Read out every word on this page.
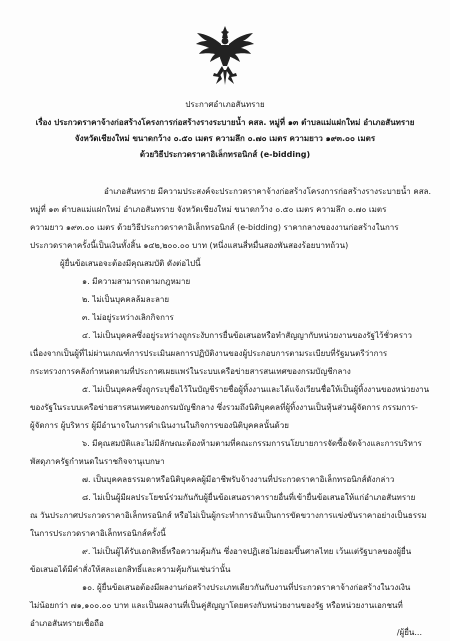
ประกาศอำเภอสันทราย
เรื่อง ประกวดราคาจ้างก่อสร้างโครงการก่อสร้างรางระบายน้ำ คสล. หมู่ที่ ๑๓ ตำบลแม่แฝกใหม่ อำเภอสันทราย
จังหวัดเชียงใหม่ ขนาดกว้าง ๐.๕๐ เมตร ความลึก ๐.๗๐ เมตร ความยาว ๑๙๓.๐๐ เมตร
ด้วยวิธีประกวดราคาอิเล็กทรอนิกส์ (e-bidding)
อำเภอสันทราย มีความประสงค์จะประกวดราคาจ้างก่อสร้างโครงการก่อสร้างรางระบายน้ำ คสล.
หมู่ที่ ๑๓ ตำบลแม่แฝกใหม่ อำเภอสันทราย จังหวัดเชียงใหม่ ขนาดกว้าง ๐.๕๐ เมตร ความลึก ๐.๗๐ เมตร
ความยาว ๑๙๓.๐๐ เมตร ด้วยวิธีประกวดราคาอิเล็กทรอนิกส์ (e-bidding) ราคากลางของงานก่อสร้างในการ
ประกวดราคาครั้งนี้เป็นเงินทั้งสิ้น ๑๔๒,๒๐๐.๐๐ บาท (หนึ่งแสนสี่หมื่นสองพันสองร้อยบาทถ้วน)
ผู้ยื่นข้อเสนอจะต้องมีคุณสมบัติ ดังต่อไปนี้
๑. มีความสามารถตามกฎหมาย
๒. ไม่เป็นบุคคลล้มละลาย
๓. ไม่อยู่ระหว่างเลิกกิจการ
๔. ไม่เป็นบุคคลซึ่งอยู่ระหว่างถูกระงับการยื่นข้อเสนอหรือทำสัญญากับหน่วยงานของรัฐไว้ชั่วคราว
เนื่องจากเป็นผู้ที่ไม่ผ่านเกณฑ์การประเมินผลการปฏิบัติงานของผู้ประกอบการตามระเบียบที่รัฐมนตรีว่าการ
กระทรวงการคลังกำหนดตามที่ประกาศเผยแพร่ในระบบเครือข่ายสารสนเทศของกรมบัญชีกลาง
๕. ไม่เป็นบุคคลซึ่งถูกระบุชื่อไว้ในบัญชีรายชื่อผู้ทิ้งงานและได้แจ้งเวียนชื่อให้เป็นผู้ทิ้งงานของหน่วยงาน
ของรัฐในระบบเครือข่ายสารสนเทศของกรมบัญชีกลาง ซึ่งรวมถึงนิติบุคคลที่ผู้ทิ้งงานเป็นหุ้นส่วนผู้จัดการ กรรมการ-
ผู้จัดการ ผู้บริหาร ผู้มีอำนาจในการดำเนินงานในกิจการของนิติบุคคลนั้นด้วย
๖. มีคุณสมบัติและไม่มีลักษณะต้องห้ามตามที่คณะกรรมการนโยบายการจัดซื้อจัดจ้างและการบริหาร
พัสดุภาครัฐกำหนดในราชกิจจานุเบกษา
๗. เป็นบุคคลธรรมดาหรือนิติบุคคลผู้มีอาชีพรับจ้างงานที่ประกวดราคาอิเล็กทรอนิกส์ดังกล่าว
๘. ไม่เป็นผู้มีผลประโยชน์ร่วมกันกับผู้ยื่นข้อเสนอราคารายอื่นที่เข้ายื่นข้อเสนอให้แก่อำเภอสันทราย
ณ วันประกาศประกวดราคาอิเล็กทรอนิกส์ หรือไม่เป็นผู้กระทำการอันเป็นการขัดขวางการแข่งขันราคาอย่างเป็นธรรม
ในการประกวดราคาอิเล็กทรอนิกส์ครั้งนี้
๙. ไม่เป็นผู้ได้รับเอกสิทธิ์หรือความคุ้มกัน ซึ่งอาจปฏิเสธไม่ยอมขึ้นศาลไทย เว้นแต่รัฐบาลของผู้ยื่น
ข้อเสนอได้มีคำสั่งให้สละเอกสิทธิ์และความคุ้มกันเช่นว่านั้น
๑๐. ผู้ยื่นข้อเสนอต้องมีผลงานก่อสร้างประเภทเดียวกันกับงานที่ประกวดราคาจ้างก่อสร้างในวงเงิน
ไม่น้อยกว่า ๗๑,๑๐๐.๐๐ บาท และเป็นผลงานที่เป็นคู่สัญญาโดยตรงกับหน่วยงานของรัฐ หรือหน่วยงานเอกชนที่
อำเภอสันทรายเชื่อถือ
/ผู้ยื่น...
